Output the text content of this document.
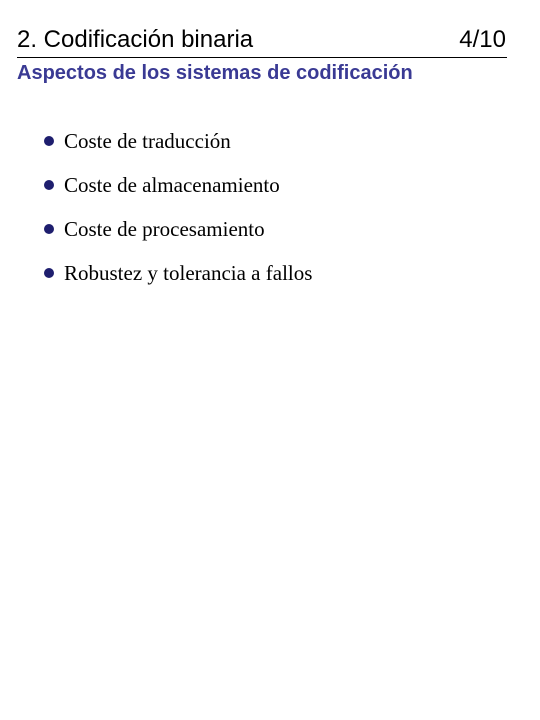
2. Codificación binaria	4/10
Aspectos de los sistemas de codificación
Coste de traducción
Coste de almacenamiento
Coste de procesamiento
Robustez y tolerancia a fallos
